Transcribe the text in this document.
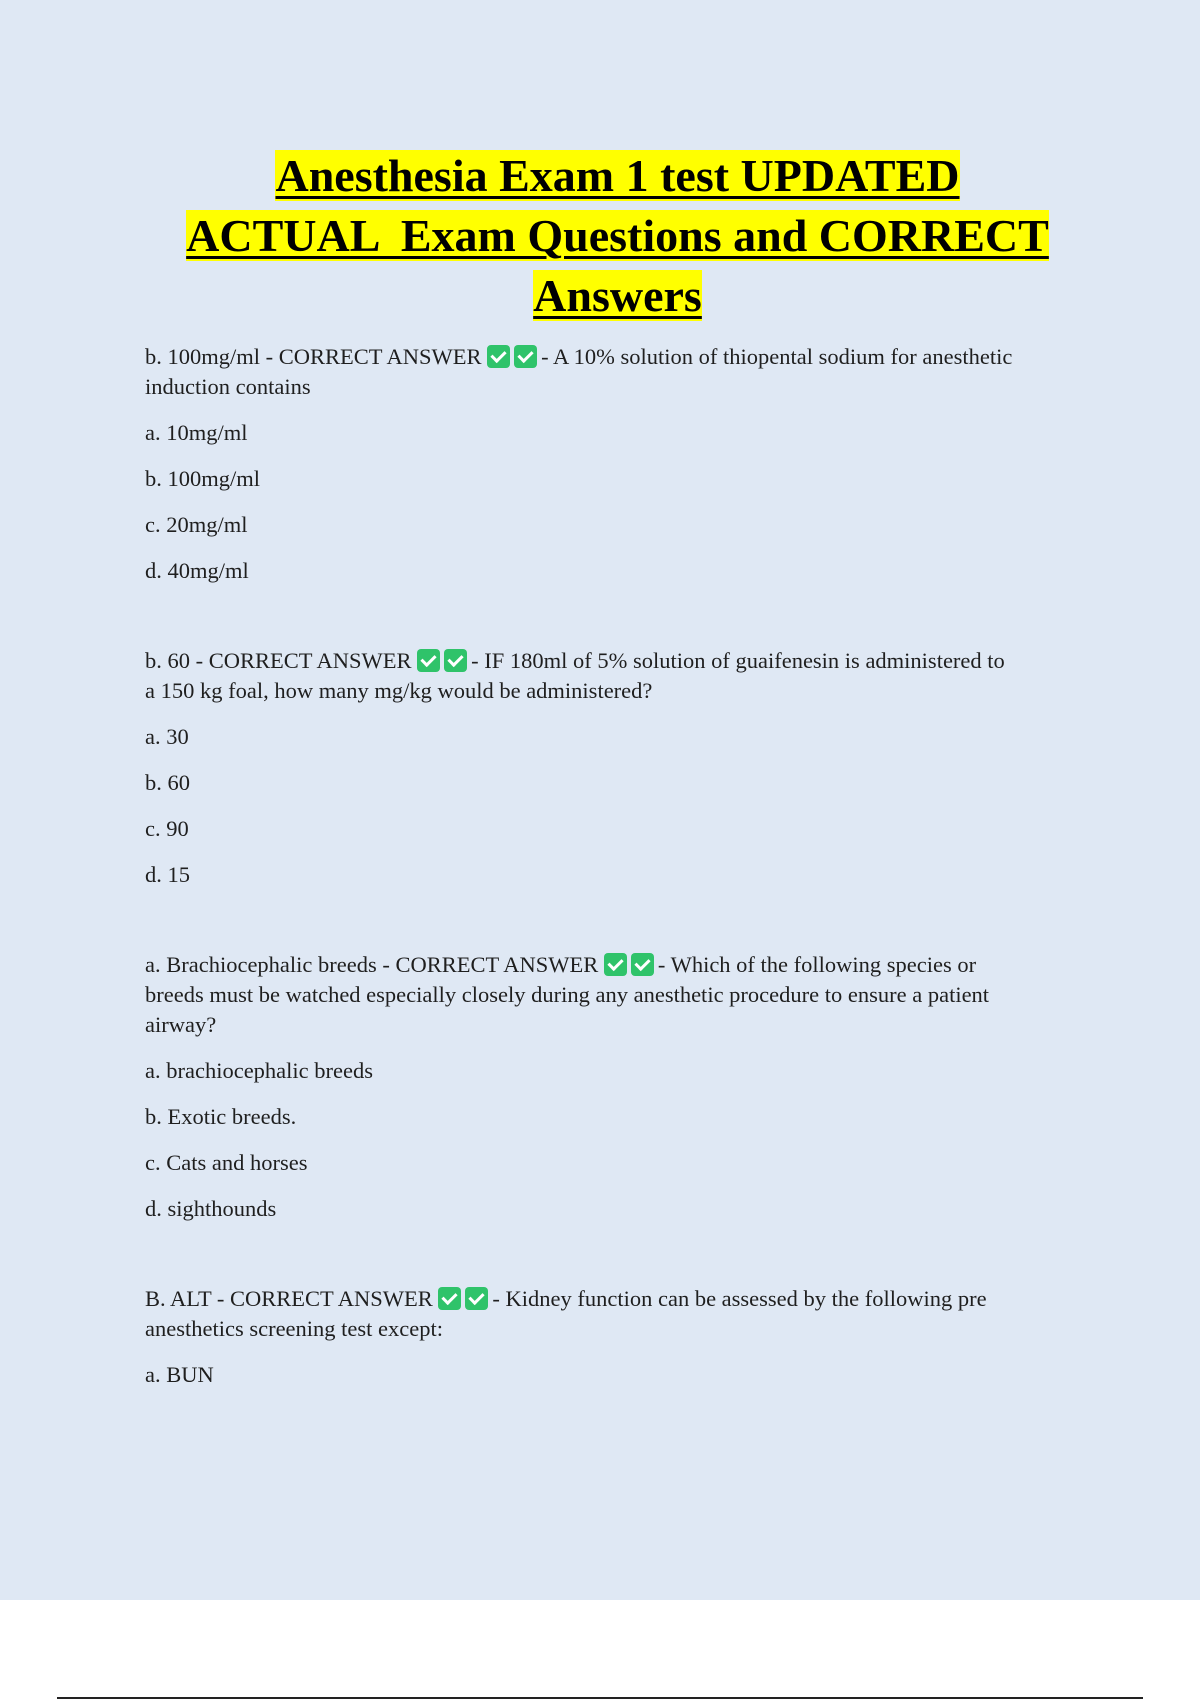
Anesthesia Exam 1 test UPDATED
ACTUAL  Exam Questions and CORRECT
Answers

b. 100mg/ml - CORRECT ANSWER	- A 10% solution of thiopental sodium for anesthetic
induction contains

a. 10mg/ml
b. 100mg/ml
c. 20mg/ml
d. 40mg/ml

b. 60 - CORRECT ANSWER	- IF 180ml of 5% solution of guaifenesin is administered to
a 150 kg foal, how many mg/kg would be administered?

a. 30
b. 60
c. 90
d. 15

a. Brachiocephalic breeds - CORRECT ANSWER	- Which of the following species or
breeds must be watched especially closely during any anesthetic procedure to ensure a patient
airway?

a. brachiocephalic breeds
b. Exotic breeds.
c. Cats and horses
d. sighthounds

B. ALT - CORRECT ANSWER	- Kidney function can be assessed by the following pre
anesthetics screening test except:

a. BUN
